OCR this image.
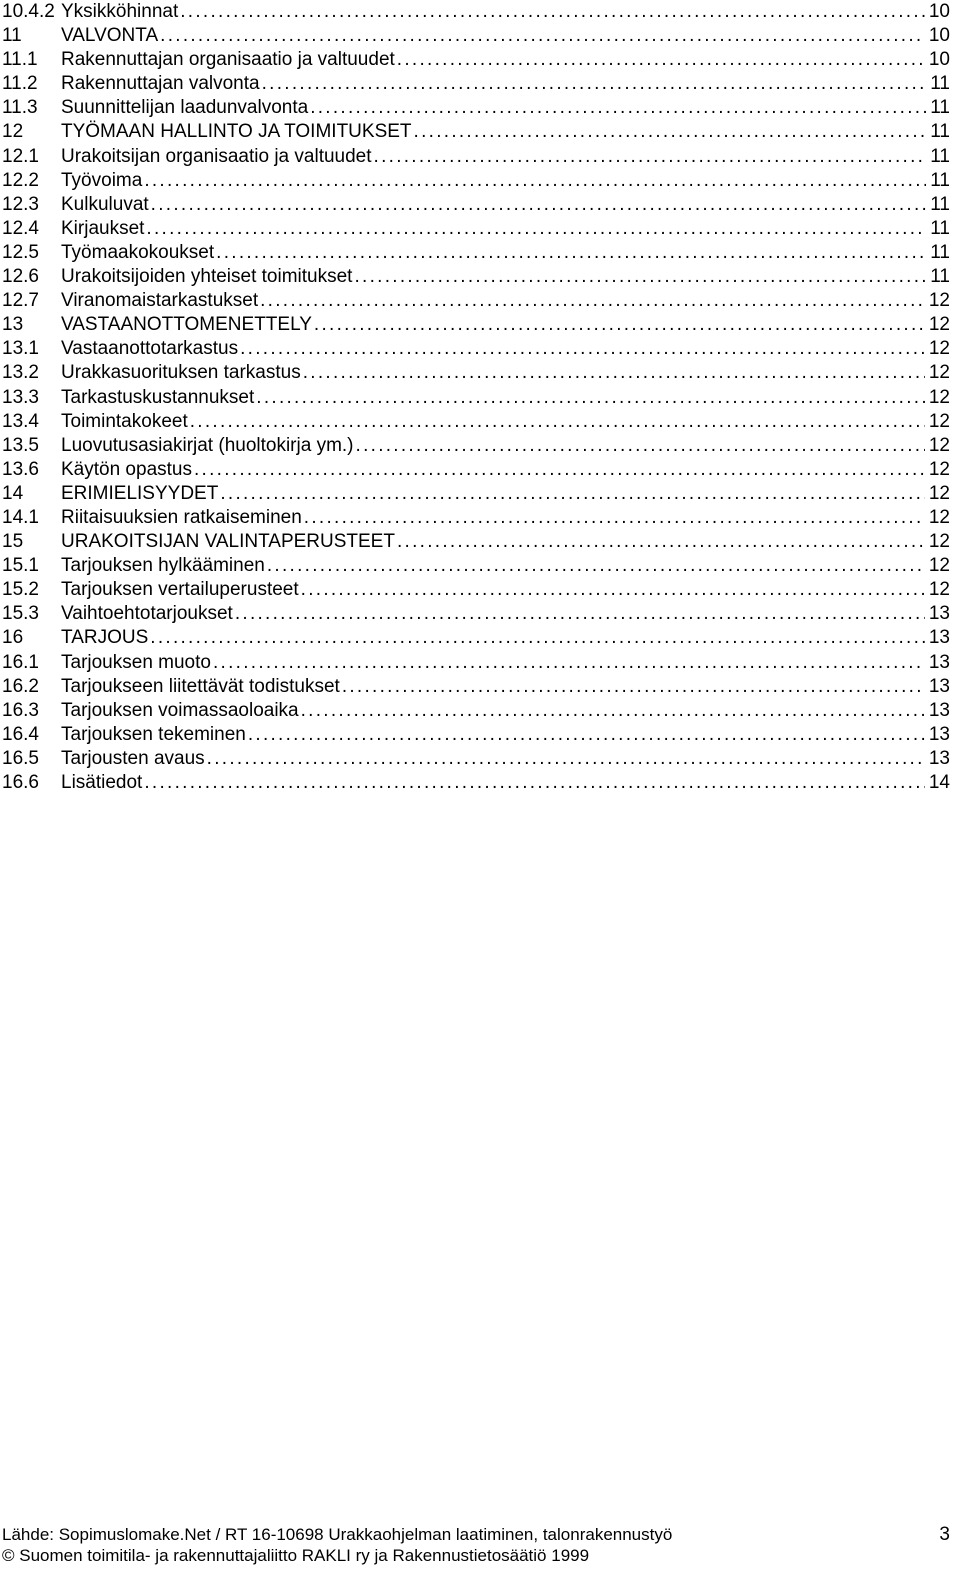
10.4.2 Yksikköhinnat . . .	10
11	VALVONTA . . .	10
11.1	Rakennuttajan organisaatio ja valtuudet . . .	10
11.2	Rakennuttajan valvonta . . .	11
11.3	Suunnittelijan laadunvalvonta . . .	11
12	TYÖMAAN HALLINTO JA TOIMITUKSET . . .	11
12.1	Urakoitsijan organisaatio ja valtuudet . . .	11
12.2	Työvoima . . .	11
12.3	Kulkuluvat . . .	11
12.4	Kirjaukset . . .	11
12.5	Työmaakokoukset . . .	11
12.6	Urakoitsijoiden yhteiset toimitukset . . .	11
12.7	Viranomaistarkastukset . . .	12
13	VASTAANOTTOMENETTELY . . .	12
13.1	Vastaanottotarkastus . . .	12
13.2	Urakkasuorituksen tarkastus . . .	12
13.3	Tarkastuskustannukset . . .	12
13.4	Toimintakokeet . . .	12
13.5	Luovutusasiakirjat (huoltokirja ym.) . . .	12
13.6	Käytön opastus . . .	12
14	ERIMIELISYYDET . . .	12
14.1	Riitaisuuksien ratkaiseminen . . .	12
15	URAKOITSIJAN VALINTAPERUSTEET . . .	12
15.1	Tarjouksen hylkääminen . . .	12
15.2	Tarjouksen vertailuperusteet . . .	12
15.3	Vaihtoehtotarjoukset . . .	13
16	TARJOUS . . .	13
16.1	Tarjouksen muoto . . .	13
16.2	Tarjoukseen liitettävät todistukset . . .	13
16.3	Tarjouksen voimassaoloaika . . .	13
16.4	Tarjouksen tekeminen . . .	13
16.5	Tarjousten avaus . . .	13
16.6	Lisätiedot . . .	14
Lähde: Sopimuslomake.Net / RT 16-10698 Urakkaohjelman laatiminen, talonrakennustyö	3
© Suomen toimitila- ja rakennuttajaliitto RAKLI ry ja Rakennustietosäätiö 1999
